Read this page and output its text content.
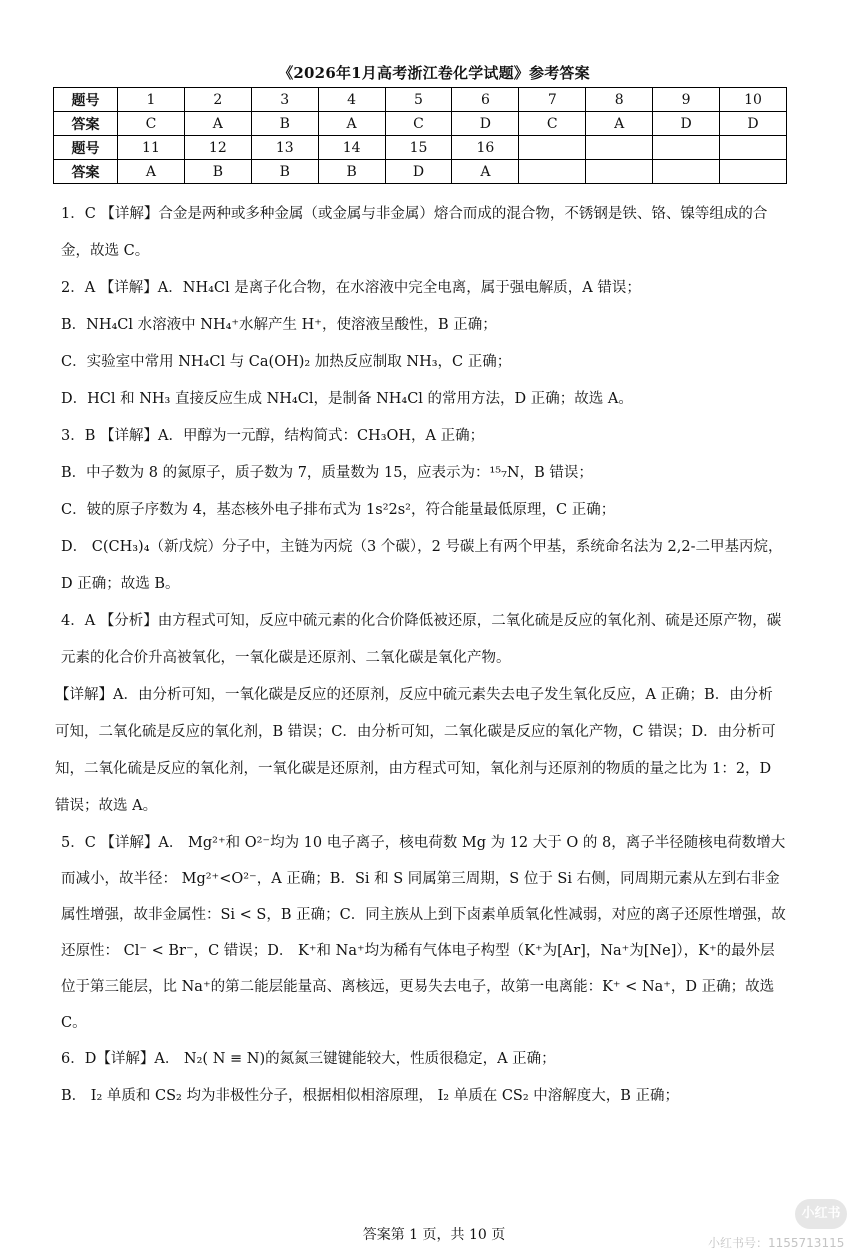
《2026年1月高考浙江卷化学试题》参考答案
题号	1	2	3	4	5	6	7	8	9	10
答案	C	A	B	A	C	D	C	A	D	D
题号	11	12	13	14	15	16				
答案	A	B	B	B	D	A				

1．C 【详解】合金是两种或多种金属（或金属与非金属）熔合而成的混合物，不锈钢是铁、铬、镍等组成的合金，故选 C。

2．A 【详解】A．NH₄Cl 是离子化合物，在水溶液中完全电离，属于强电解质，A 错误；

B．NH₄Cl 水溶液中 NH₄⁺水解产生 H⁺，使溶液呈酸性，B 正确；

C．实验室中常用 NH₄Cl 与 Ca(OH)₂ 加热反应制取 NH₃，C 正确；

D．HCl 和 NH₃ 直接反应生成 NH₄Cl，是制备 NH₄Cl 的常用方法，D 正确；故选 A。

3．B 【详解】A．甲醇为一元醇，结构简式：CH₃OH，A 正确；

B．中子数为 8 的氮原子，质子数为 7，质量数为 15，应表示为：¹⁵₇N，B 错误；

C．铍的原子序数为 4，基态核外电子排布式为 1s²2s²，符合能量最低原理，C 正确；

D． C(CH₃)₄（新戊烷）分子中，主链为丙烷（3 个碳），2 号碳上有两个甲基，系统命名法为 2,2-二甲基丙烷，D 正确；故选 B。

4．A 【分析】由方程式可知，反应中硫元素的化合价降低被还原，二氧化硫是反应的氧化剂、硫是还原产物，碳元素的化合价升高被氧化，一氧化碳是还原剂、二氧化碳是氧化产物。

【详解】A．由分析可知，一氧化碳是反应的还原剂，反应中硫元素失去电子发生氧化反应，A 正确；B．由分析可知，二氧化硫是反应的氧化剂，B 错误；C．由分析可知，二氧化碳是反应的氧化产物，C 错误；D．由分析可知，二氧化硫是反应的氧化剂，一氧化碳是还原剂，由方程式可知，氧化剂与还原剂的物质的量之比为 1：2，D 错误；故选 A。

5．C 【详解】A． Mg²⁺和 O²⁻均为 10 电子离子，核电荷数 Mg 为 12 大于 O 的 8，离子半径随核电荷数增大而减小，故半径： Mg²⁺<O²⁻，A 正确；B．Si 和 S 同属第三周期，S 位于 Si 右侧，同周期元素从左到右非金属性增强，故非金属性：Si < S，B 正确；C．同主族从上到下卤素单质氧化性减弱，对应的离子还原性增强，故还原性： Cl⁻ < Br⁻，C 错误；D． K⁺和 Na⁺均为稀有气体电子构型（K⁺为[Ar]，Na⁺为[Ne]），K⁺的最外层位于第三能层，比 Na⁺的第二能层能量高、离核远，更易失去电子，故第一电离能：K⁺ < Na⁺，D 正确；故选 C。

6．D【详解】A． N₂( N ≡ N)的氮氮三键键能较大，性质很稳定，A 正确；

B． I₂ 单质和 CS₂ 均为非极性分子，根据相似相溶原理， I₂ 单质在 CS₂ 中溶解度大，B 正确；

答案第 1 页，共 10 页
小红书
小红书号：1155713115
